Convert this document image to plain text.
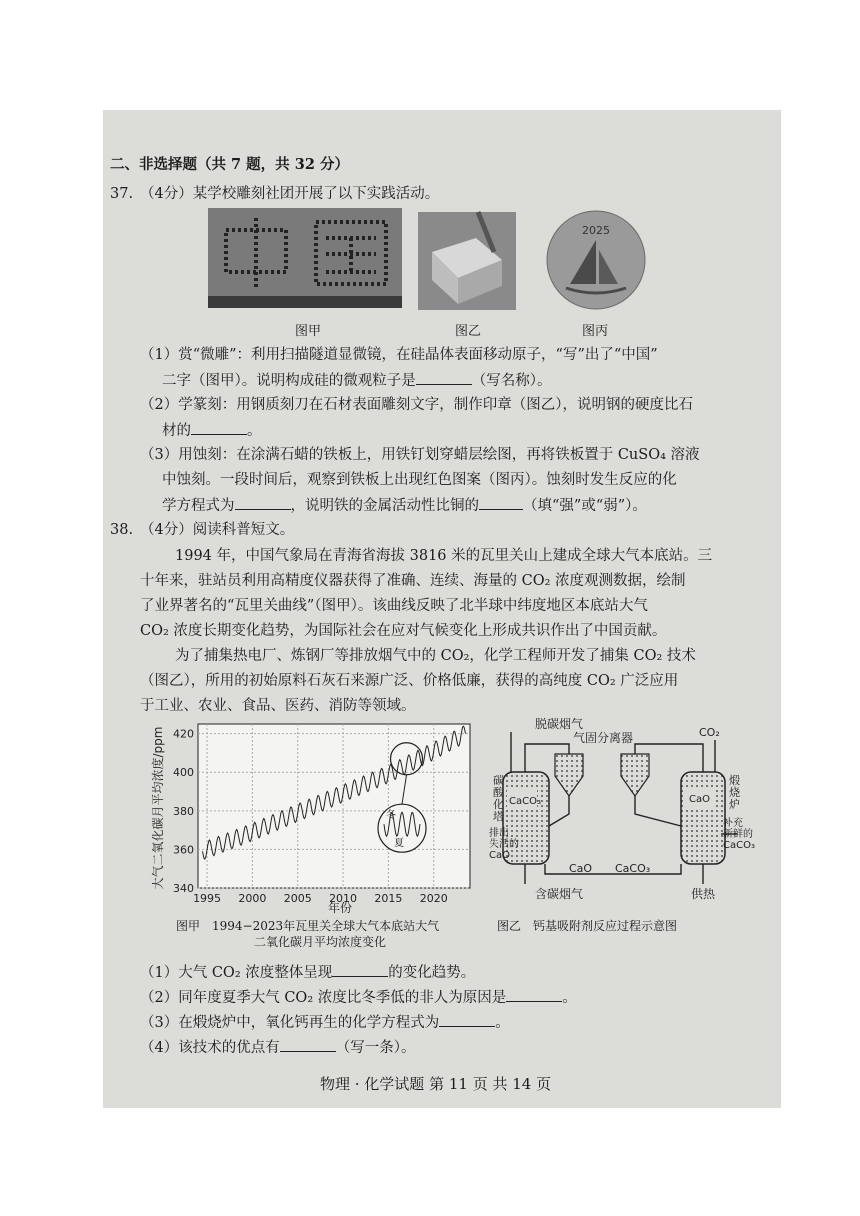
二、非选择题（共 7 题，共 32 分）
37. （4分）某学校雕刻社团开展了以下实践活动。
图甲	图乙
2025
图丙
（1）赏“微雕”：利用扫描隧道显微镜，在硅晶体表面移动原子，“写”出了“中国”
二字（图甲）。说明构成硅的微观粒子是	（写名称）。
（2）学篆刻：用钢质刻刀在石材表面雕刻文字，制作印章（图乙），说明钢的硬度比石
材的	。
（3）用蚀刻：在涂满石蜡的铁板上，用铁钉划穿蜡层绘图，再将铁板置于 CuSO₄ 溶液
中蚀刻。一段时间后，观察到铁板上出现红色图案（图丙）。蚀刻时发生反应的化
学方程式为	，说明铁的金属活动性比铜的	（填“强”或“弱”）。
38. （4分）阅读科普短文。
1994 年，中国气象局在青海省海拔 3816 米的瓦里关山上建成全球大气本底站。三
十年来，驻站员利用高精度仪器获得了准确、连续、海量的 CO₂ 浓度观测数据，绘制
了业界著名的“瓦里关曲线”（图甲）。该曲线反映了北半球中纬度地区本底站大气
CO₂ 浓度长期变化趋势，为国际社会在应对气候变化上形成共识作出了中国贡献。
为了捕集热电厂、炼钢厂等排放烟气中的 CO₂，化学工程师开发了捕集 CO₂ 技术
（图乙），所用的初始原料石灰石来源广泛、价格低廉，获得的高纯度 CO₂ 广泛应用
于工业、农业、食品、医药、消防等领域。
大气二氧化碳月平均浓度/ppm
年份
340
360
380
400
420
1995 2000 2005 2010 2015 2020
冬
夏
图甲　1994−2023年瓦里关全球大气本底站大气
二氧化碳月平均浓度变化
脱碳烟气
气固分离器	CO₂
CaCO₃	CaO
CaO CaCO₃
含碳烟气	供热
碳酸化塔
煅烧炉
排出失活的 CaO
补充新鲜的 CaCO₃
图乙　钙基吸附剂反应过程示意图
（1）大气 CO₂ 浓度整体呈现	的变化趋势。
（2）同年度夏季大气 CO₂ 浓度比冬季低的非人为原因是	。
（3）在煅烧炉中，氧化钙再生的化学方程式为	。
（4）该技术的优点有	（写一条）。
物理 · 化学试题 第 11 页 共 14 页
